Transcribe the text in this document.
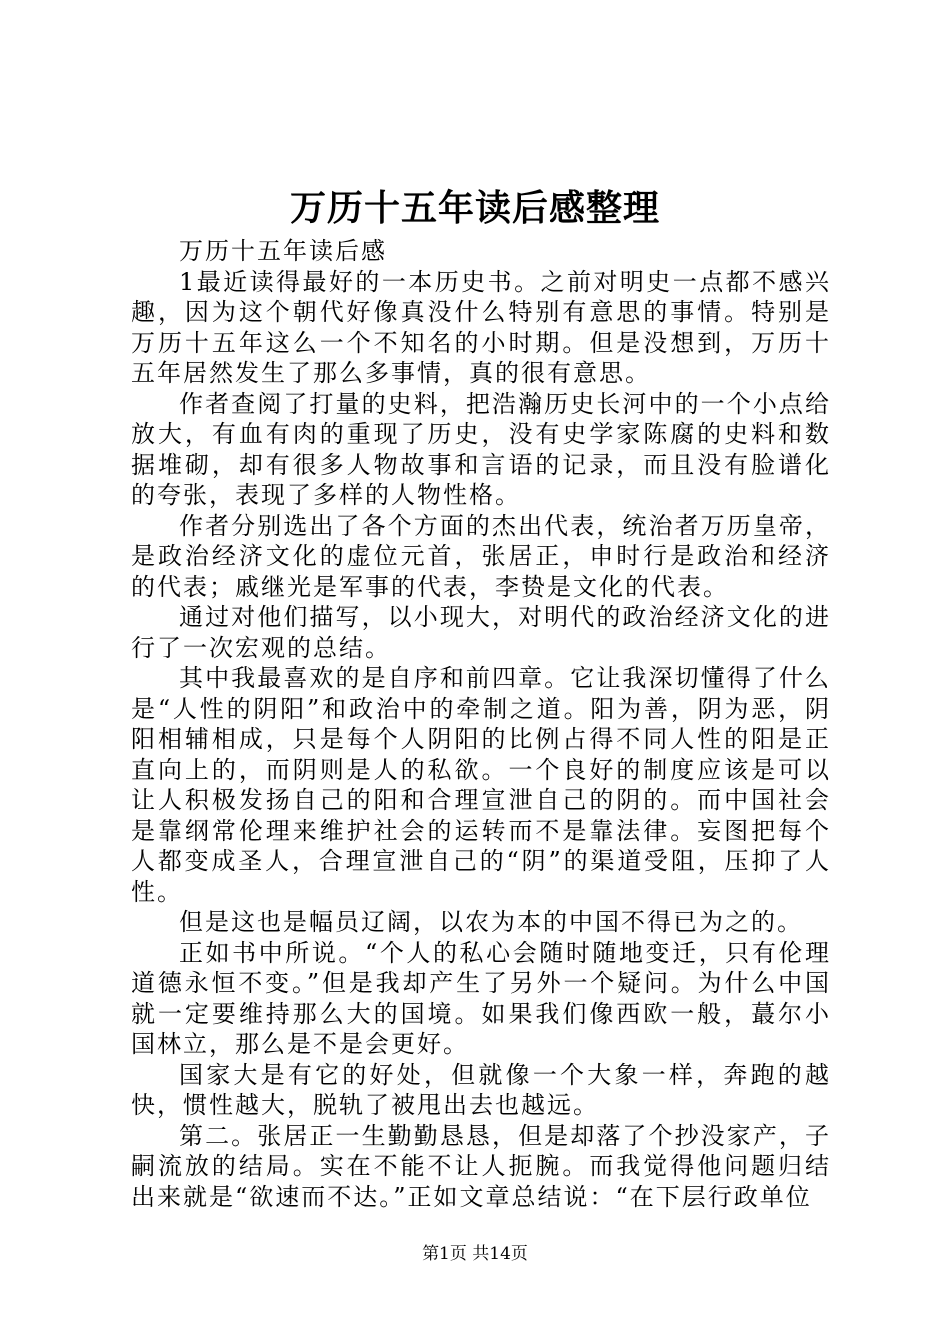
万历十五年读后感整理

万历十五年读后感

1最近读得最好的一本历史书。之前对明史一点都不感兴趣，因为这个朝代好像真没什么特别有意思的事情。特别是万历十五年这么一个不知名的小时期。但是没想到，万历十五年居然发生了那么多事情，真的很有意思。

作者查阅了打量的史料，把浩瀚历史长河中的一个小点给放大，有血有肉的重现了历史，没有史学家陈腐的史料和数据堆砌，却有很多人物故事和言语的记录，而且没有脸谱化的夸张，表现了多样的人物性格。

作者分别选出了各个方面的杰出代表，统治者万历皇帝，是政治经济文化的虚位元首，张居正，申时行是政治和经济的代表；戚继光是军事的代表，李贽是文化的代表。

通过对他们描写，以小现大，对明代的政治经济文化的进行了一次宏观的总结。

其中我最喜欢的是自序和前四章。它让我深切懂得了什么是“人性的阴阳”和政治中的牵制之道。阳为善，阴为恶，阴阳相辅相成，只是每个人阴阳的比例占得不同人性的阳是正直向上的，而阴则是人的私欲。一个良好的制度应该是可以让人积极发扬自己的阳和合理宣泄自己的阴的。而中国社会是靠纲常伦理来维护社会的运转而不是靠法律。妄图把每个人都变成圣人，合理宣泄自己的“阴”的渠道受阻，压抑了人性。

但是这也是幅员辽阔，以农为本的中国不得已为之的。

正如书中所说。“个人的私心会随时随地变迁，只有伦理道德永恒不变。”但是我却产生了另外一个疑问。为什么中国就一定要维持那么大的国境。如果我们像西欧一般，蕞尔小国林立，那么是不是会更好。

国家大是有它的好处，但就像一个大象一样，奔跑的越快，惯性越大，脱轨了被甩出去也越远。

第二。张居正一生勤勤恳恳，但是却落了个抄没家产，子嗣流放的结局。实在不能不让人扼腕。而我觉得他问题归结出来就是“欲速而不达。”正如文章总结说：“在下层行政单位

第1页 共14页
